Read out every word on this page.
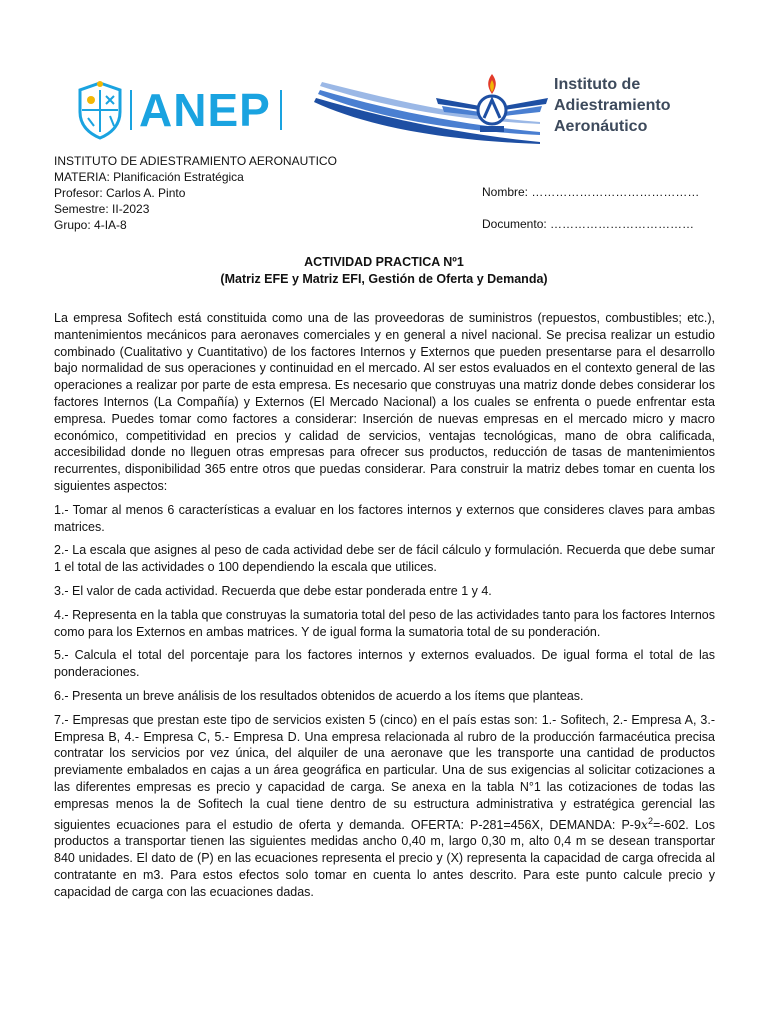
ANEP	Instituto de
Adiestramiento
Aeronáutico
INSTITUTO DE ADIESTRAMIENTO AERONAUTICO
MATERIA: Planificación Estratégica
Profesor: Carlos A. Pinto
Semestre: II-2023
Grupo: 4-IA-8
Nombre: ……………………………………
Documento: ………………………………
ACTIVIDAD PRACTICA Nº1
(Matriz EFE y Matriz EFI, Gestión de Oferta y Demanda)

La empresa Sofitech está constituida como una de las proveedoras de suministros (repuestos, combustibles; etc.), mantenimientos mecánicos para aeronaves comerciales y en general a nivel nacional. Se precisa realizar un estudio combinado (Cualitativo y Cuantitativo) de los factores Internos y Externos que pueden presentarse para el desarrollo bajo normalidad de sus operaciones y continuidad en el mercado. Al ser estos evaluados en el contexto general de las operaciones a realizar por parte de esta empresa. Es necesario que construyas una matriz donde debes considerar los factores Internos (La Compañía) y Externos (El Mercado Nacional) a los cuales se enfrenta o puede enfrentar esta empresa. Puedes tomar como factores a considerar: Inserción de nuevas empresas en el mercado micro y macro económico, competitividad en precios y calidad de servicios, ventajas tecnológicas, mano de obra calificada, accesibilidad donde no lleguen otras empresas para ofrecer sus productos, reducción de tasas de mantenimientos recurrentes, disponibilidad 365 entre otros que puedas considerar. Para construir la matriz debes tomar en cuenta los siguientes aspectos:

1.- Tomar al menos 6 características a evaluar en los factores internos y externos que consideres claves para ambas matrices.

2.- La escala que asignes al peso de cada actividad debe ser de fácil cálculo y formulación. Recuerda que debe sumar 1 el total de las actividades o 100 dependiendo la escala que utilices.

3.- El valor de cada actividad. Recuerda que debe estar ponderada entre 1 y 4.

4.- Representa en la tabla que construyas la sumatoria total del peso de las actividades tanto para los factores Internos como para los Externos en ambas matrices. Y de igual forma la sumatoria total de su ponderación.

5.- Calcula el total del porcentaje para los factores internos y externos evaluados. De igual forma el total de las ponderaciones.

6.- Presenta un breve análisis de los resultados obtenidos de acuerdo a los ítems que planteas.

7.- Empresas que prestan este tipo de servicios existen 5 (cinco) en el país estas son: 1.- Sofitech, 2.- Empresa A, 3.- Empresa B, 4.- Empresa C, 5.- Empresa D. Una empresa relacionada al rubro de la producción farmacéutica precisa contratar los servicios por vez única, del alquiler de una aeronave que les transporte una cantidad de productos previamente embalados en cajas a un área geográfica en particular. Una de sus exigencias al solicitar cotizaciones a las diferentes empresas es precio y capacidad de carga. Se anexa en la tabla N°1 las cotizaciones de todas las empresas menos la de Sofitech la cual tiene dentro de su estructura administrativa y estratégica gerencial las siguientes ecuaciones para el estudio de oferta y demanda. OFERTA: P-281=456X, DEMANDA: $P-9x^2=-602$. Los productos a transportar tienen las siguientes medidas ancho 0,40 m, largo 0,30 m, alto 0,4 m se desean transportar 840 unidades. El dato de (P) en las ecuaciones representa el precio y (X) representa la capacidad de carga ofrecida al contratante en m3. Para estos efectos solo tomar en cuenta lo antes descrito. Para este punto calcule precio y capacidad de carga con las ecuaciones dadas.
